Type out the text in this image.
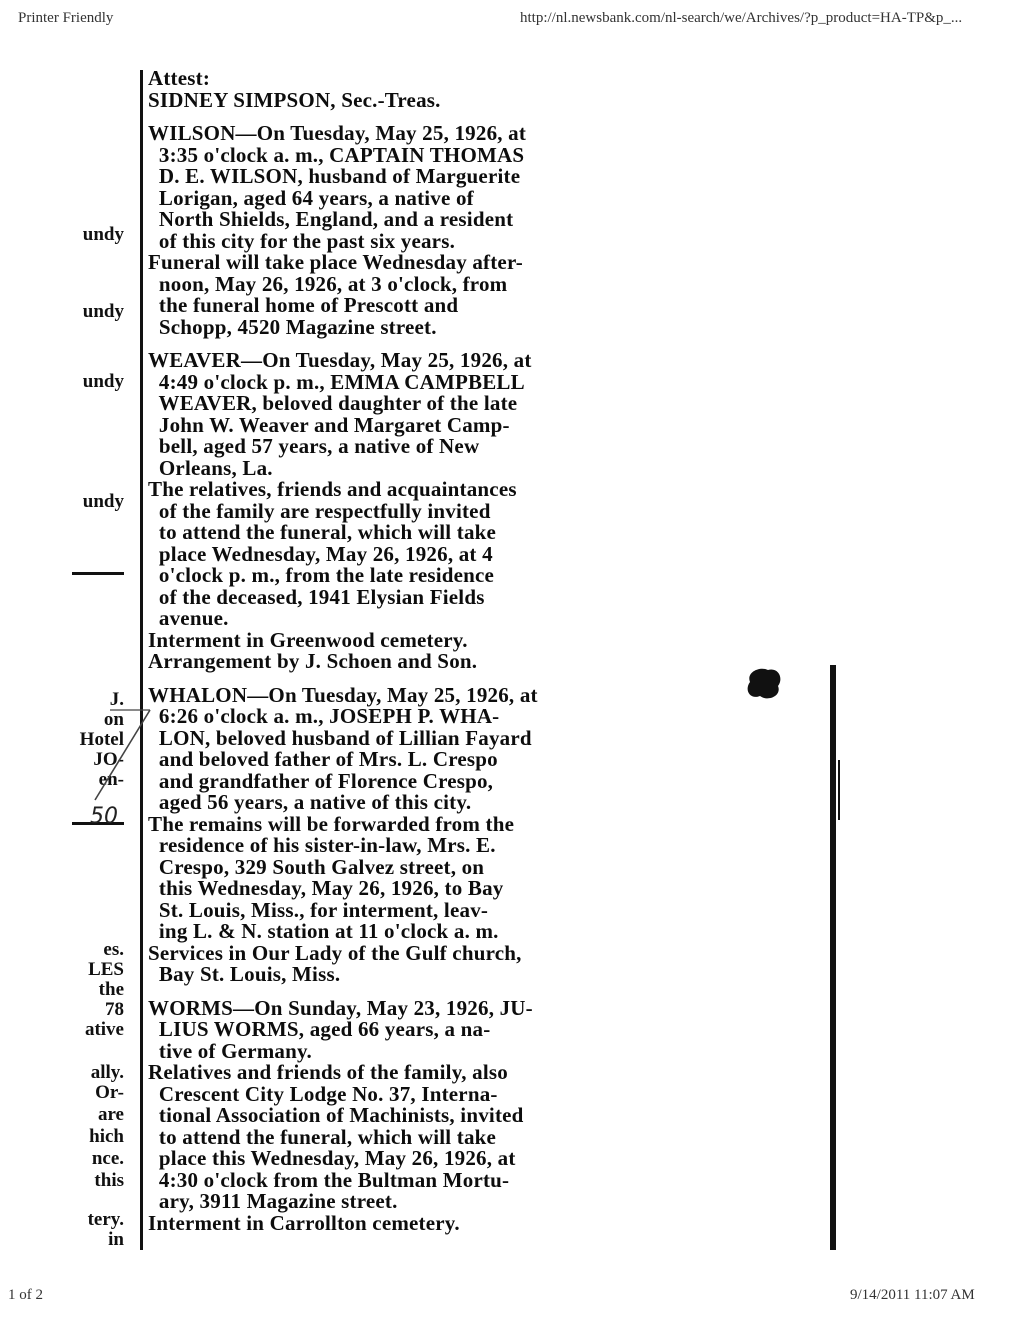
Printer Friendly	http://nl.newsbank.com/nl-search/we/Archives/?p_product=HA-TP&p_...
undy
undy
undy
undy
J.
on
Hotel
JO-
en-
es.
LES
the
78
ative
ally.
Or-
are
hich
nce.
this
tery.
in
50
Attest:
SIDNEY SIMPSON, Sec.-Treas.
WILSON—On Tuesday, May 25, 1926, at
3:35 o'clock a. m., CAPTAIN THOMAS
D. E. WILSON, husband of Marguerite
Lorigan, aged 64 years, a native of
North Shields, England, and a resident
of this city for the past six years.
Funeral will take place Wednesday after-
noon, May 26, 1926, at 3 o'clock, from
the funeral home of Prescott and
Schopp, 4520 Magazine street.
WEAVER—On Tuesday, May 25, 1926, at
4:49 o'clock p. m., EMMA CAMPBELL
WEAVER, beloved daughter of the late
John W. Weaver and Margaret Camp-
bell, aged 57 years, a native of New
Orleans, La.
The relatives, friends and acquaintances
of the family are respectfully invited
to attend the funeral, which will take
place Wednesday, May 26, 1926, at 4
o'clock p. m., from the late residence
of the deceased, 1941 Elysian Fields
avenue.
Interment in Greenwood cemetery.
Arrangement by J. Schoen and Son.
WHALON—On Tuesday, May 25, 1926, at
6:26 o'clock a. m., JOSEPH P. WHA-
LON, beloved husband of Lillian Fayard
and beloved father of Mrs. L. Crespo
and grandfather of Florence Crespo,
aged 56 years, a native of this city.
The remains will be forwarded from the
residence of his sister-in-law, Mrs. E.
Crespo, 329 South Galvez street, on
this Wednesday, May 26, 1926, to Bay
St. Louis, Miss., for interment, leav-
ing L. & N. station at 11 o'clock a. m.
Services in Our Lady of the Gulf church,
Bay St. Louis, Miss.
WORMS—On Sunday, May 23, 1926, JU-
LIUS WORMS, aged 66 years, a na-
tive of Germany.
Relatives and friends of the family, also
Crescent City Lodge No. 37, Interna-
tional Association of Machinists, invited
to attend the funeral, which will take
place this Wednesday, May 26, 1926, at
4:30 o'clock from the Bultman Mortu-
ary, 3911 Magazine street.
Interment in Carrollton cemetery.
1 of 2	9/14/2011 11:07 AM
